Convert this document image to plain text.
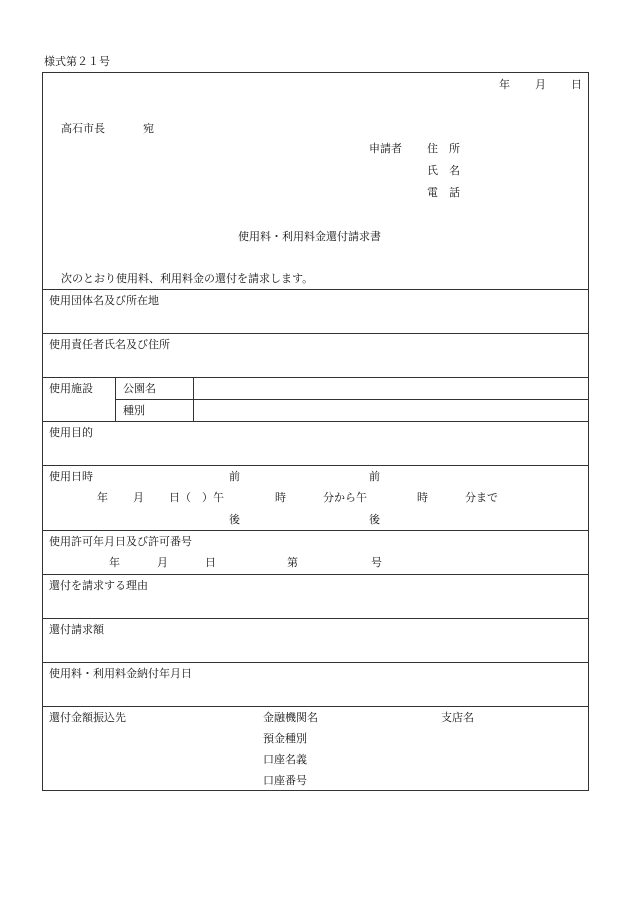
様式第２１号
年 月 日
高石市長	宛
申請者 住　所
氏　名
電　話
使用料・利用料金還付請求書
次のとおり使用料、利用料金の還付を請求します。
使用団体名及び所在地
使用責任者氏名及び住所
使用施設	公園名
種別
使用目的
使用日時	前	前
年 月 日（　）午	時	分から午	時	分まで
後	後
使用許可年月日及び許可番号
年	月	日	第	号
還付を請求する理由
還付請求額
使用料・利用料金納付年月日
還付金額振込先	金融機関名	支店名
預金種別
口座名義
口座番号
